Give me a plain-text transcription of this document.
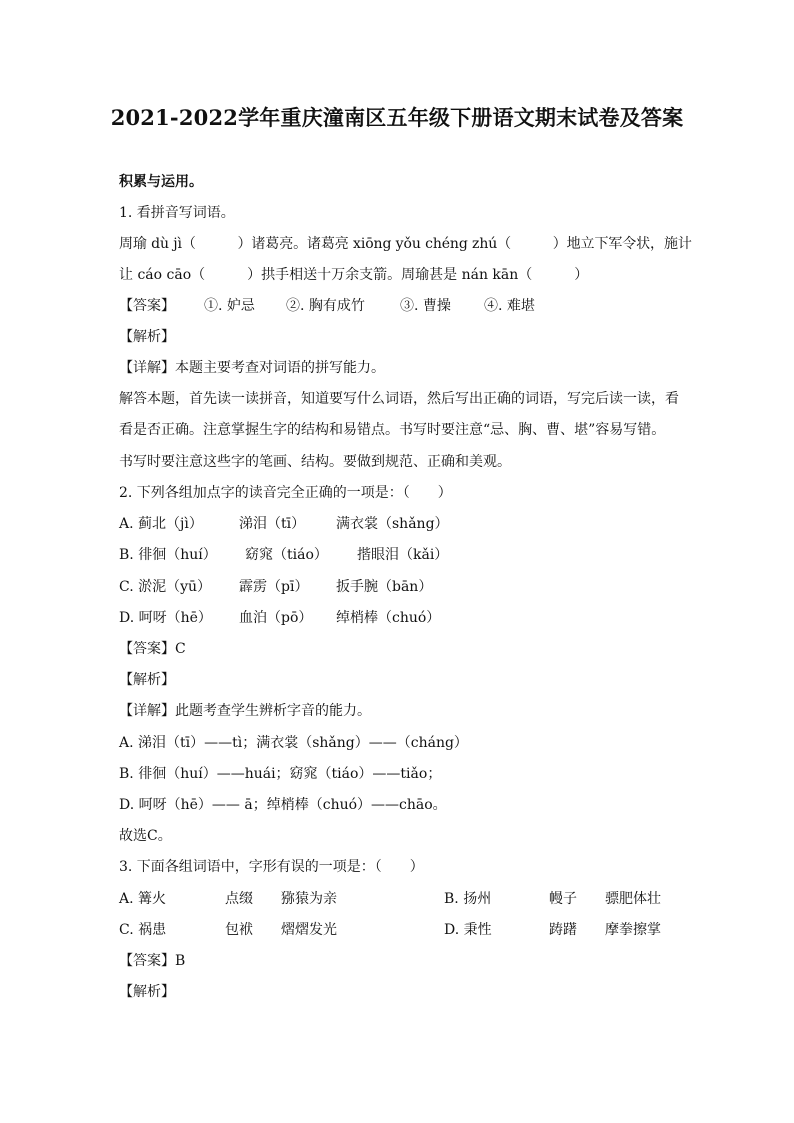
2021-2022学年重庆潼南区五年级下册语文期末试卷及答案
积累与运用。
1. 看拼音写词语。
周瑜 dù jì（　　　）诸葛亮。诸葛亮 xiōng yǒu chéng zhú（　　　）地立下军令状，施计
让 cáo cāo（　　　）拱手相送十万余支箭。周瑜甚是 nán kān（　　　）
【答案】 ①. 妒忌 ②. 胸有成竹	③. 曹操 ④. 难堪
【解析】
【详解】本题主要考查对词语的拼写能力。
解答本题，首先读一读拼音，知道要写什么词语，然后写出正确的词语，写完后读一读，看
看是否正确。注意掌握生字的结构和易错点。书写时要注意“忌、胸、曹、堪”容易写错。
书写时要注意这些字的笔画、结构。要做到规范、正确和美观。
2. 下列各组加点字的读音完全正确的一项是：（　　）
A. 蓟北（jì）	涕泪（tī） 满衣裳（shǎng）
B. 徘徊（huí） 窈窕（tiáo） 揩眼泪（kǎi）
C. 淤泥（yū） 霹雳（pī） 扳手腕（bān）
D. 呵呀（hē） 血泊（pō） 绰梢棒（chuó）
【答案】C
【解析】
【详解】此题考查学生辨析字音的能力。
A. 涕泪（tī）——tì；满衣裳（shǎng）——（cháng）
B. 徘徊（huí）——huái；窈窕（tiáo）——tiǎo；
D. 呵呀（hē）—— ā；绰梢棒（chuó）——chāo。
故选C。
3. 下面各组词语中，字形有误的一项是：（　　）
A. 篝火	点缀 猕猿为亲	B. 扬州	幔子 骠肥体壮
C. 祸患	包袱 熠熠发光	D. 秉性	踌躇 摩拳擦掌
【答案】B
【解析】
